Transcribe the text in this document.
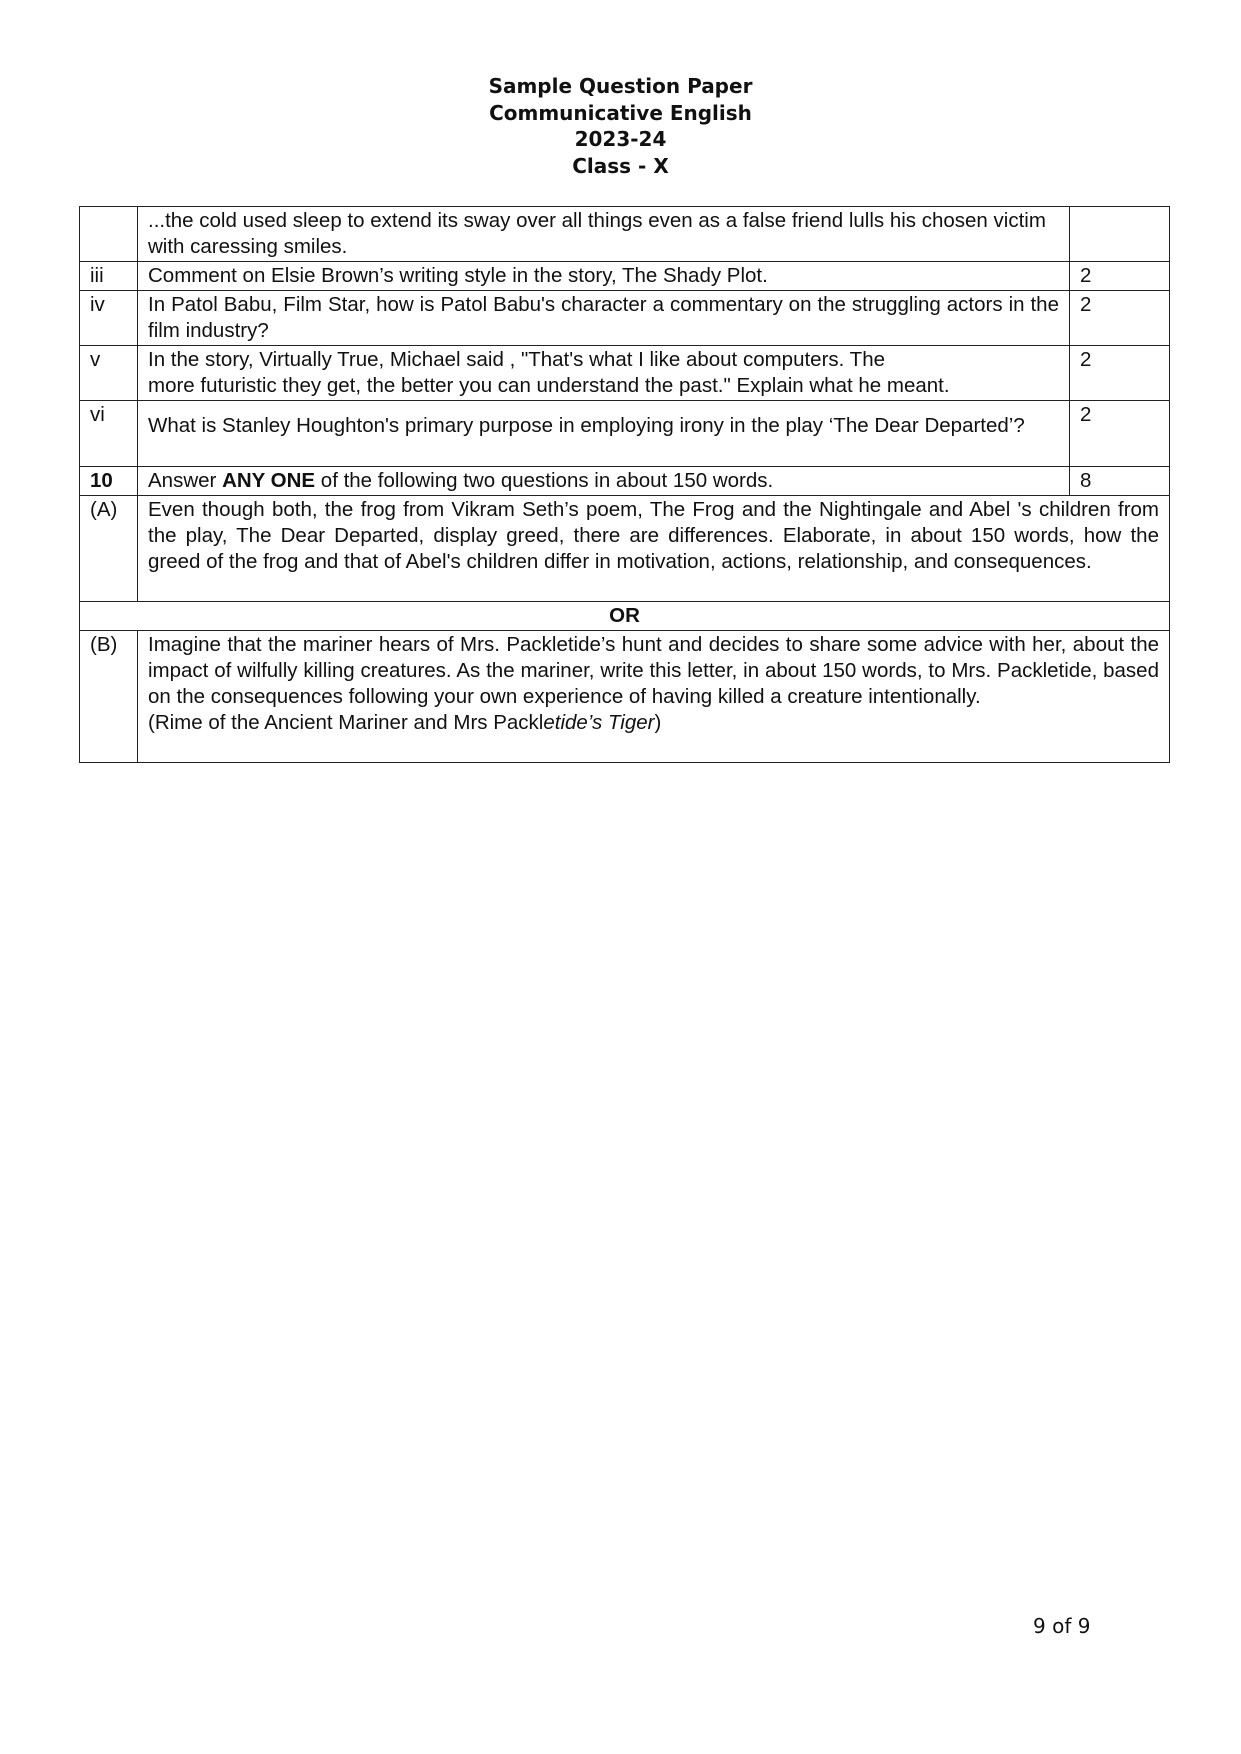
Sample Question Paper
Communicative English
2023-24
Class - X
	...the cold used sleep to extend its sway over all things even as a false friend lulls his chosen victim with caressing smiles.	
iii	Comment on Elsie Brown’s writing style in the story, The Shady Plot.	2
iv	In Patol Babu, Film Star, how is Patol Babu's character a commentary on the struggling actors in the film industry?	2
v	In the story, Virtually True, Michael said , "That's what I like about computers. The
more futuristic they get, the better you can understand the past." Explain what he meant.	2
vi	What is Stanley Houghton's primary purpose in employing irony in the play ‘The Dear Departed’?	2
10	Answer ANY ONE of the following two questions in about 150 words.	8
(A)	Even though both, the frog from Vikram Seth’s poem, The Frog and the Nightingale and Abel 's children from the play, The Dear Departed, display greed, there are differences. Elaborate, in about 150 words, how the greed of the frog and that of Abel's children differ in motivation, actions, relationship, and consequences.	
OR		
(B)	Imagine that the mariner hears of Mrs. Packletide’s hunt and decides to share some advice with her, about the impact of wilfully killing creatures. As the mariner, write this letter, in about 150 words, to Mrs. Packletide, based on the consequences following your own experience of having killed a creature intentionally.
(Rime of the Ancient Mariner and Mrs Packletide’s Tiger)	
9 of 9
